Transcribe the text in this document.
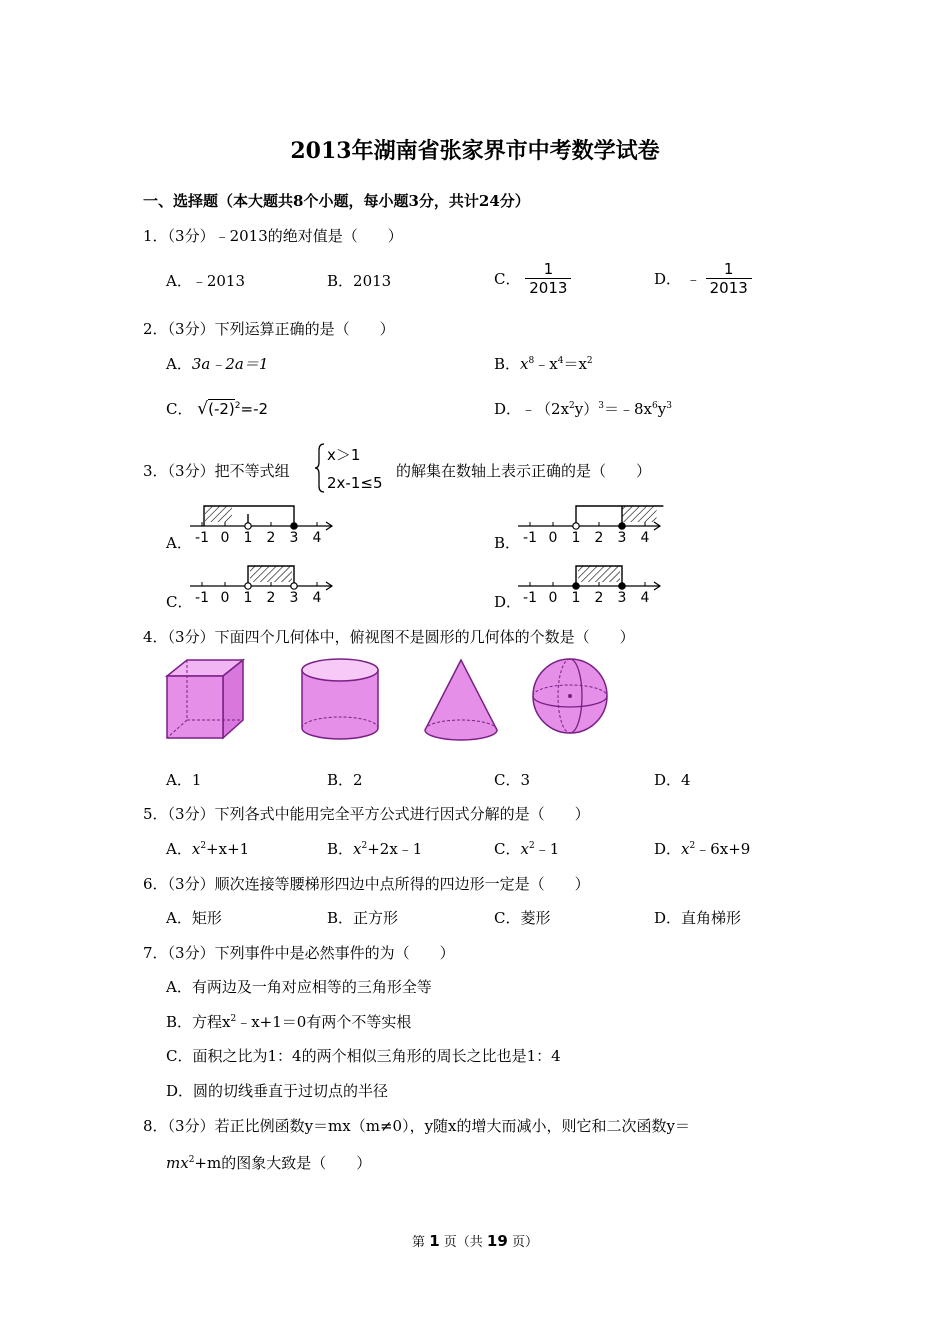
2013年湖南省张家界市中考数学试卷
一、选择题（本大题共8个小题，每小题3分，共计24分）
1．（3分）﹣2013的绝对值是（　　）
A．﹣2013	B．2013	C． $\frac{1}{2013}$	D． ﹣ $\frac{1}{2013}$
2．（3分）下列运算正确的是（　　）
A．3a﹣2a＝1	B．$x^8﹣x^4=x^2$
C． $√(-2)^2=-2$	D．$﹣(2x^2y)^3=﹣8x^6y^3$
3．（3分）把不等式组
x＞1
2x-1≤5
的解集在数轴上表示正确的是（　　）
A．	B．
C．	D．
-1 0 1 2 3 4	-1 0 1 2 3 4
-1 0 1 2 3 4	-1 0 1 2 3 4
4．（3分）下面四个几何体中，俯视图不是圆形的几何体的个数是（　　）
A．1	B．2	C．3	D．4
5．（3分）下列各式中能用完全平方公式进行因式分解的是（　　）
A．$x^2+x+1$	B．$x^2+2x﹣1$	C．$x^2﹣1$	D．$x^2﹣6x+9$
6．（3分）顺次连接等腰梯形四边中点所得的四边形一定是（　　）
A．矩形	B．正方形	C．菱形	D．直角梯形
7．（3分）下列事件中是必然事件的为（　　）
A．有两边及一角对应相等的三角形全等
B．方程$x^2﹣x+1=0$有两个不等实根
C．面积之比为1：4的两个相似三角形的周长之比也是1：4
D．圆的切线垂直于过切点的半径
8．（3分）若正比例函数y＝mx（m≠0），y随x的增大而减小，则它和二次函数y＝
$mx^2+m$的图象大致是（　　）
第 1 页（共 19 页）
